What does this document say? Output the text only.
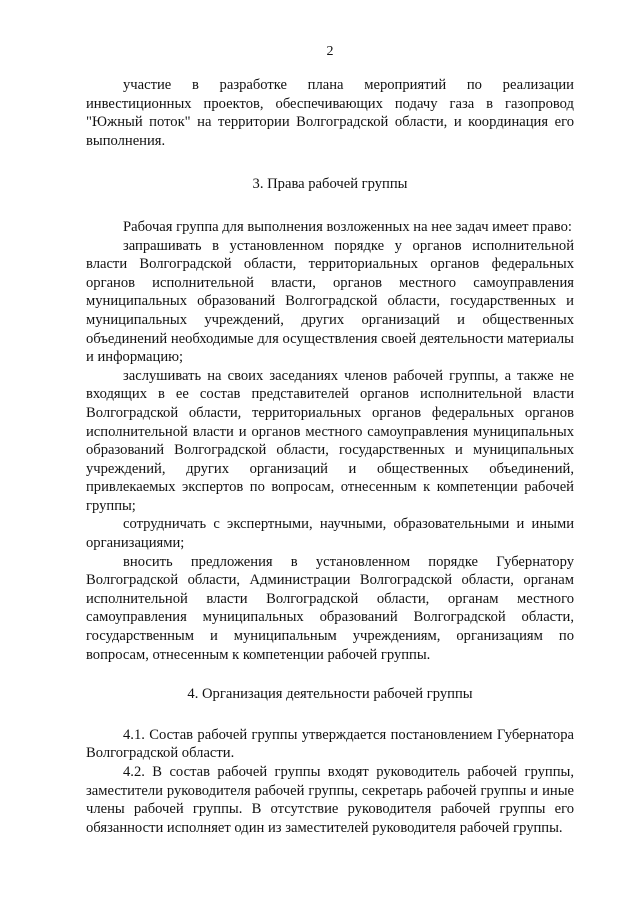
2

участие в разработке плана мероприятий по реализации инвестиционных проектов, обеспечивающих подачу газа в газопровод "Южный поток" на территории Волгоградской области, и координация его выполнения.

3. Права рабочей группы

Рабочая группа для выполнения возложенных на нее задач имеет право:

запрашивать в установленном порядке у органов исполнительной власти Волгоградской области, территориальных органов федеральных органов исполнительной власти, органов местного самоуправления муниципальных образований Волгоградской области, государственных и муниципальных учреждений, других организаций и общественных объединений необходимые для осуществления своей деятельности материалы и информацию;

заслушивать на своих заседаниях членов рабочей группы, а также не входящих в ее состав представителей органов исполнительной власти Волгоградской области, территориальных органов федеральных органов исполнительной власти и органов местного самоуправления муниципальных образований Волгоградской области, государственных и муниципальных учреждений, других организаций и общественных объединений, привлекаемых экспертов по вопросам, отнесенным к компетенции рабочей группы;

сотрудничать с экспертными, научными, образовательными и иными организациями;

вносить предложения в установленном порядке Губернатору Волгоградской области, Администрации Волгоградской области, органам исполнительной власти Волгоградской области, органам местного самоуправления муниципальных образований Волгоградской области, государственным и муниципальным учреждениям, организациям по вопросам, отнесенным к компетенции рабочей группы.

4. Организация деятельности рабочей группы

4.1. Состав рабочей группы утверждается постановлением Губернатора Волгоградской области.

4.2. В состав рабочей группы входят руководитель рабочей группы, заместители руководителя рабочей группы, секретарь рабочей группы и иные члены рабочей группы. В отсутствие руководителя рабочей группы его обязанности исполняет один из заместителей руководителя рабочей группы.
